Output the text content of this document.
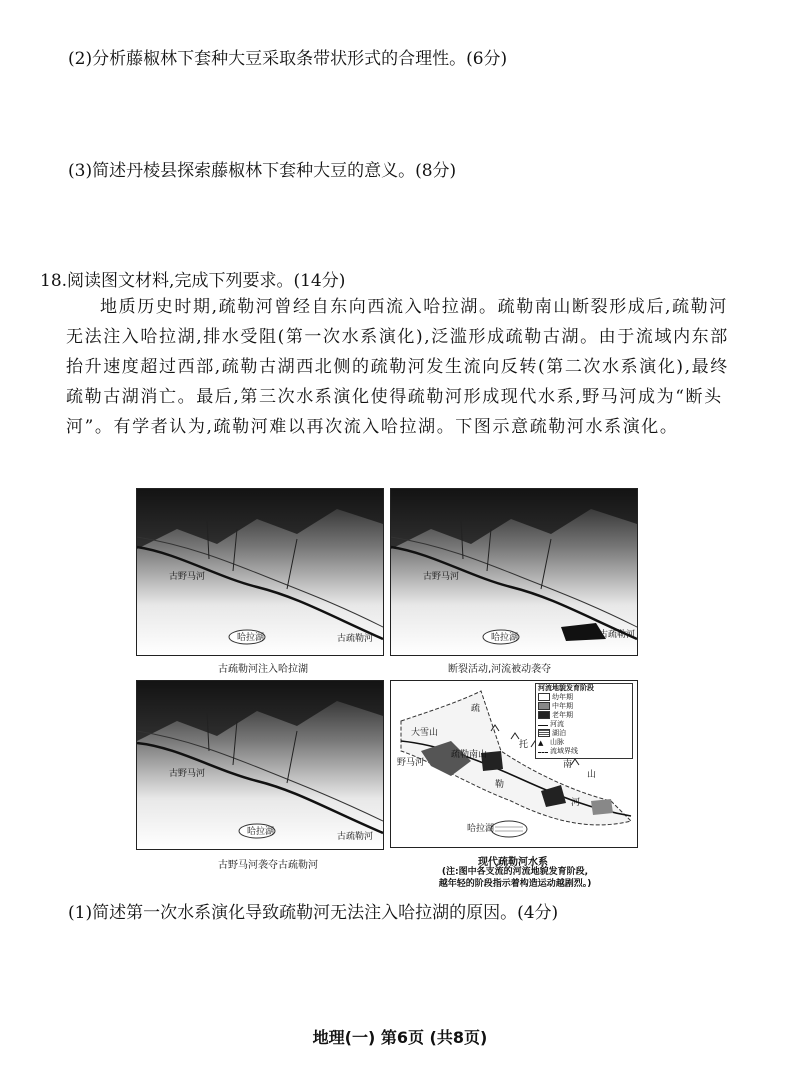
(2)分析藤椒林下套种大豆采取条带状形式的合理性。(6分)
(3)简述丹棱县探索藤椒林下套种大豆的意义。(8分)
18.阅读图文材料,完成下列要求。(14分)
地质历史时期,疏勒河曾经自东向西流入哈拉湖。疏勒南山断裂形成后,疏勒河无法注入哈拉湖,排水受阻(第一次水系演化),泛滥形成疏勒古湖。由于流域内东部抬升速度超过西部,疏勒古湖西北侧的疏勒河发生流向反转(第二次水系演化),最终疏勒古湖消亡。最后,第三次水系演化使得疏勒河形成现代水系,野马河成为“断头河”。有学者认为,疏勒河难以再次流入哈拉湖。下图示意疏勒河水系演化。
古野马河
哈拉湖	古疏勒河
古疏勒河注入哈拉湖
古野马河
哈拉湖	古疏勒河
断裂活动,河流被动袭夺
古野马河
哈拉湖	古疏勒河
古野马河袭夺古疏勒河
野马河
疏勒南山
哈拉湖
疏
托
南
山
勒
河
大雪山
河流地貌发育阶段
幼年期
中年期
老年期
河流
湖泊
▲ 山脉
流域界线
现代疏勒河水系
(注:图中各支流的河流地貌发育阶段,
越年轻的阶段指示着构造运动越剧烈。)
(1)简述第一次水系演化导致疏勒河无法注入哈拉湖的原因。(4分)
地理(一) 第6页 (共8页)
